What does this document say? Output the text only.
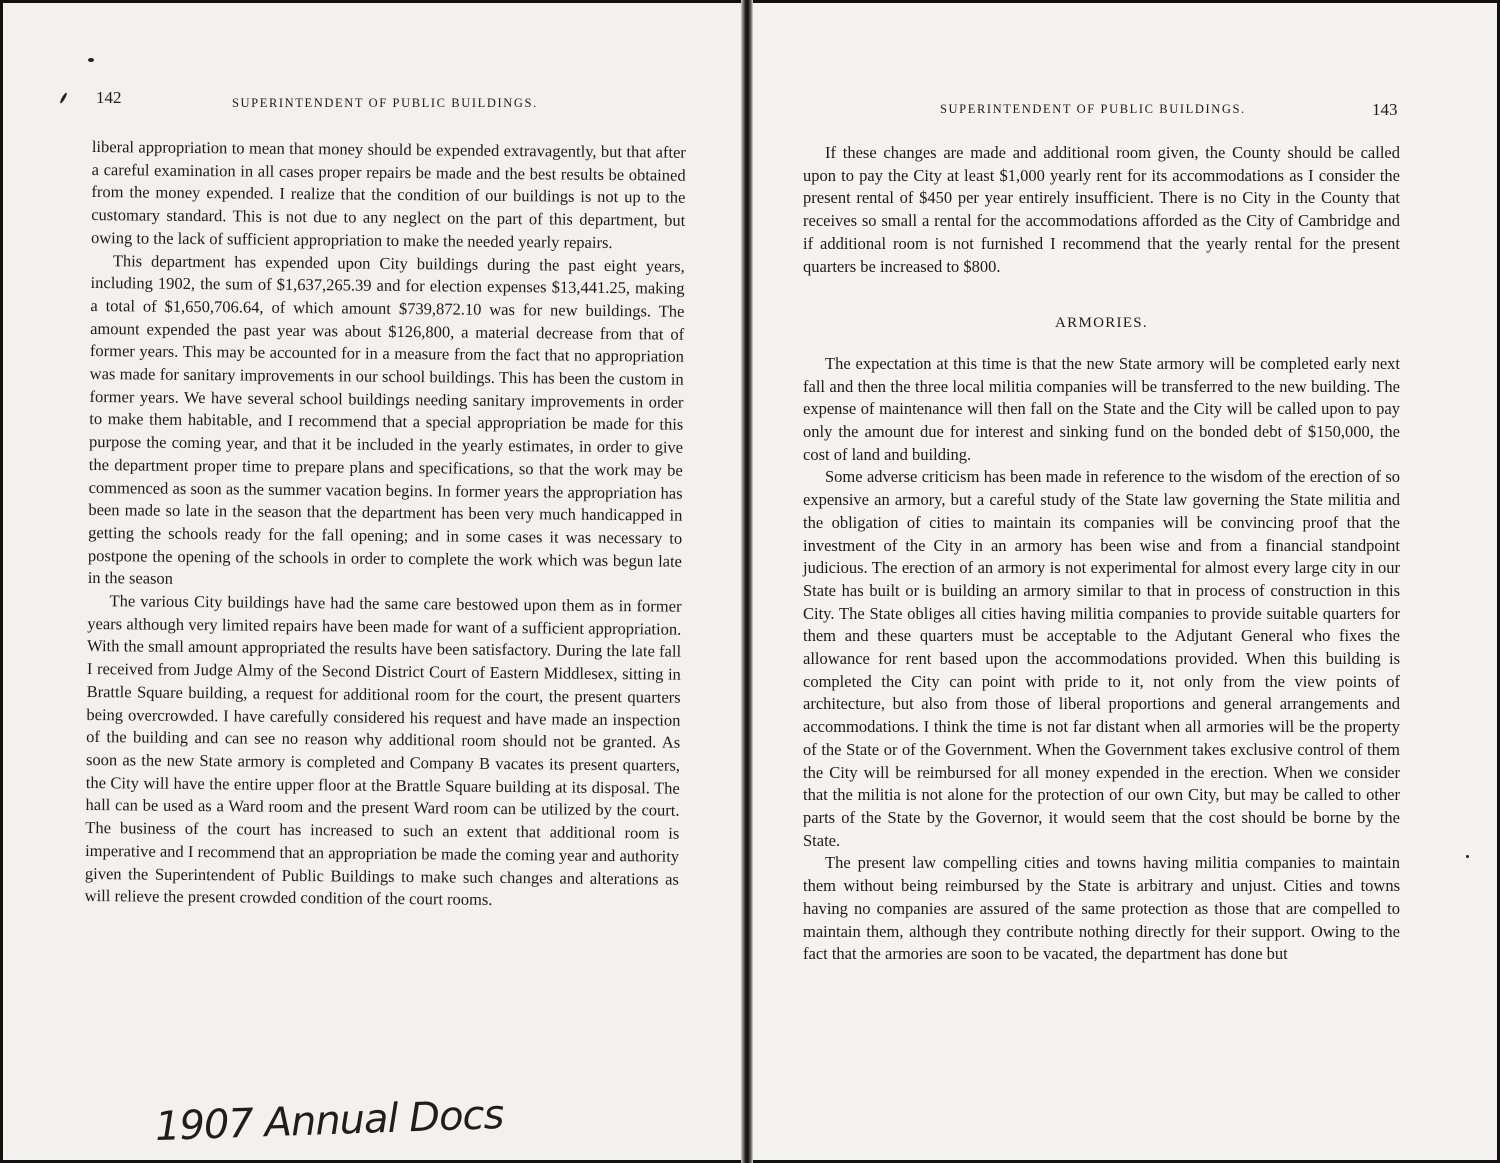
142	SUPERINTENDENT OF PUBLIC BUILDINGS.

liberal appropriation to mean that money should be expended extravagently, but that after a careful examination in all cases proper repairs be made and the best results be obtained from the money expended. I realize that the condition of our buildings is not up to the customary standard. This is not due to any neglect on the part of this department, but owing to the lack of sufficient appropriation to make the needed yearly repairs.

This department has expended upon City buildings during the past eight years, including 1902, the sum of $1,637,265.39 and for election expenses $13,441.25, making a total of $1,650,706.64, of which amount $739,872.10 was for new buildings. The amount expended the past year was about $126,800, a material decrease from that of former years. This may be accounted for in a measure from the fact that no appropriation was made for sanitary improvements in our school buildings. This has been the custom in former years. We have several school buildings needing sanitary improvements in order to make them habitable, and I recommend that a special appropriation be made for this purpose the coming year, and that it be included in the yearly estimates, in order to give the department proper time to prepare plans and specifications, so that the work may be commenced as soon as the summer vacation begins. In former years the appropriation has been made so late in the season that the department has been very much handicapped in getting the schools ready for the fall opening; and in some cases it was necessary to postpone the opening of the schools in order to complete the work which was begun late in the season

The various City buildings have had the same care bestowed upon them as in former years although very limited repairs have been made for want of a sufficient appropriation. With the small amount appropriated the results have been satisfactory. During the late fall I received from Judge Almy of the Second District Court of Eastern Middlesex, sitting in Brattle Square building, a request for additional room for the court, the present quarters being overcrowded. I have carefully considered his request and have made an inspection of the building and can see no reason why additional room should not be granted. As soon as the new State armory is completed and Company B vacates its present quarters, the City will have the entire upper floor at the Brattle Square building at its disposal. The hall can be used as a Ward room and the present Ward room can be utilized by the court. The business of the court has increased to such an extent that additional room is imperative and I recommend that an appropriation be made the coming year and authority given the Superintendent of Public Buildings to make such changes and alterations as will relieve the present crowded condition of the court rooms.

1907 Annual Docs
SUPERINTENDENT OF PUBLIC BUILDINGS.	143

If these changes are made and additional room given, the County should be called upon to pay the City at least $1,000 yearly rent for its accommodations as I consider the present rental of $450 per year entirely insufficient. There is no City in the County that receives so small a rental for the accommodations afforded as the City of Cambridge and if additional room is not furnished I recommend that the yearly rental for the present quarters be increased to $800.

ARMORIES.

The expectation at this time is that the new State armory will be completed early next fall and then the three local militia companies will be transferred to the new building. The expense of maintenance will then fall on the State and the City will be called upon to pay only the amount due for interest and sinking fund on the bonded debt of $150,000, the cost of land and building.

Some adverse criticism has been made in reference to the wisdom of the erection of so expensive an armory, but a careful study of the State law governing the State militia and the obligation of cities to maintain its companies will be convincing proof that the investment of the City in an armory has been wise and from a financial standpoint judicious. The erection of an armory is not experimental for almost every large city in our State has built or is building an armory similar to that in process of construction in this City. The State obliges all cities having militia companies to provide suitable quarters for them and these quarters must be acceptable to the Adjutant General who fixes the allowance for rent based upon the accommodations provided. When this building is completed the City can point with pride to it, not only from the view points of architecture, but also from those of liberal proportions and general arrangements and accommodations. I think the time is not far distant when all armories will be the property of the State or of the Government. When the Government takes exclusive control of them the City will be reimbursed for all money expended in the erection. When we consider that the militia is not alone for the protection of our own City, but may be called to other parts of the State by the Governor, it would seem that the cost should be borne by the State.

The present law compelling cities and towns having militia companies to maintain them without being reimbursed by the State is arbitrary and unjust. Cities and towns having no companies are assured of the same protection as those that are compelled to maintain them, although they contribute nothing directly for their support. Owing to the fact that the armories are soon to be vacated, the department has done but
